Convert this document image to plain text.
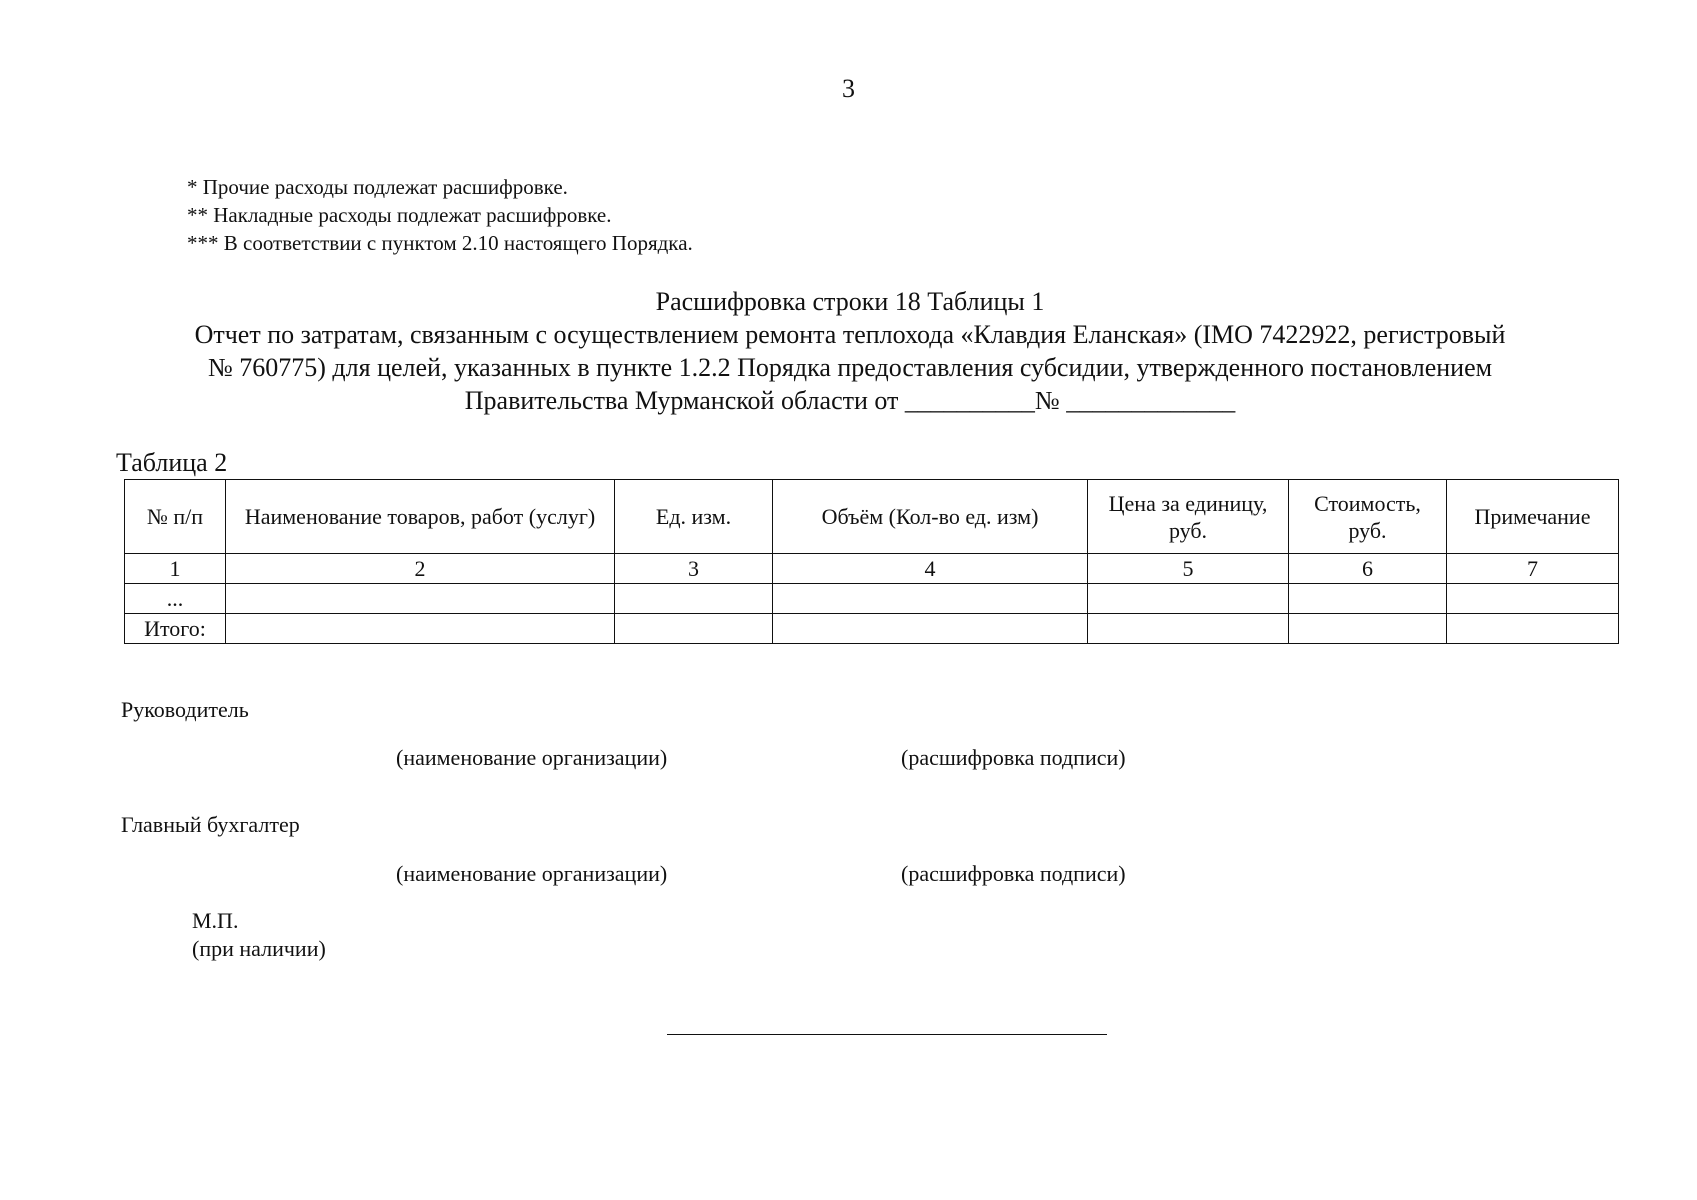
3
* Прочие расходы подлежат расшифровке.
** Накладные расходы подлежат расшифровке.
*** В соответствии с пунктом 2.10 настоящего Порядка.
Расшифровка строки 18 Таблицы 1
Отчет по затратам, связанным с осуществлением ремонта теплохода «Клавдия Еланская» (IMO 7422922, регистровый
№ 760775) для целей, указанных в пункте 1.2.2 Порядка предоставления субсидии, утвержденного постановлением
Правительства Мурманской области от __________№ _____________
Таблица 2
№ п/п	Наименование товаров, работ (услуг)	Ед. изм.	Объём (Кол-во ед. изм)	Цена за единицу, руб.	Стоимость, руб.	Примечание
1	2	3	4	5	6	7
...						
Итого:						
Руководитель
(наименование организации)	(расшифровка подписи)
Главный бухгалтер
(наименование организации)	(расшифровка подписи)
М.П.
(при наличии)
